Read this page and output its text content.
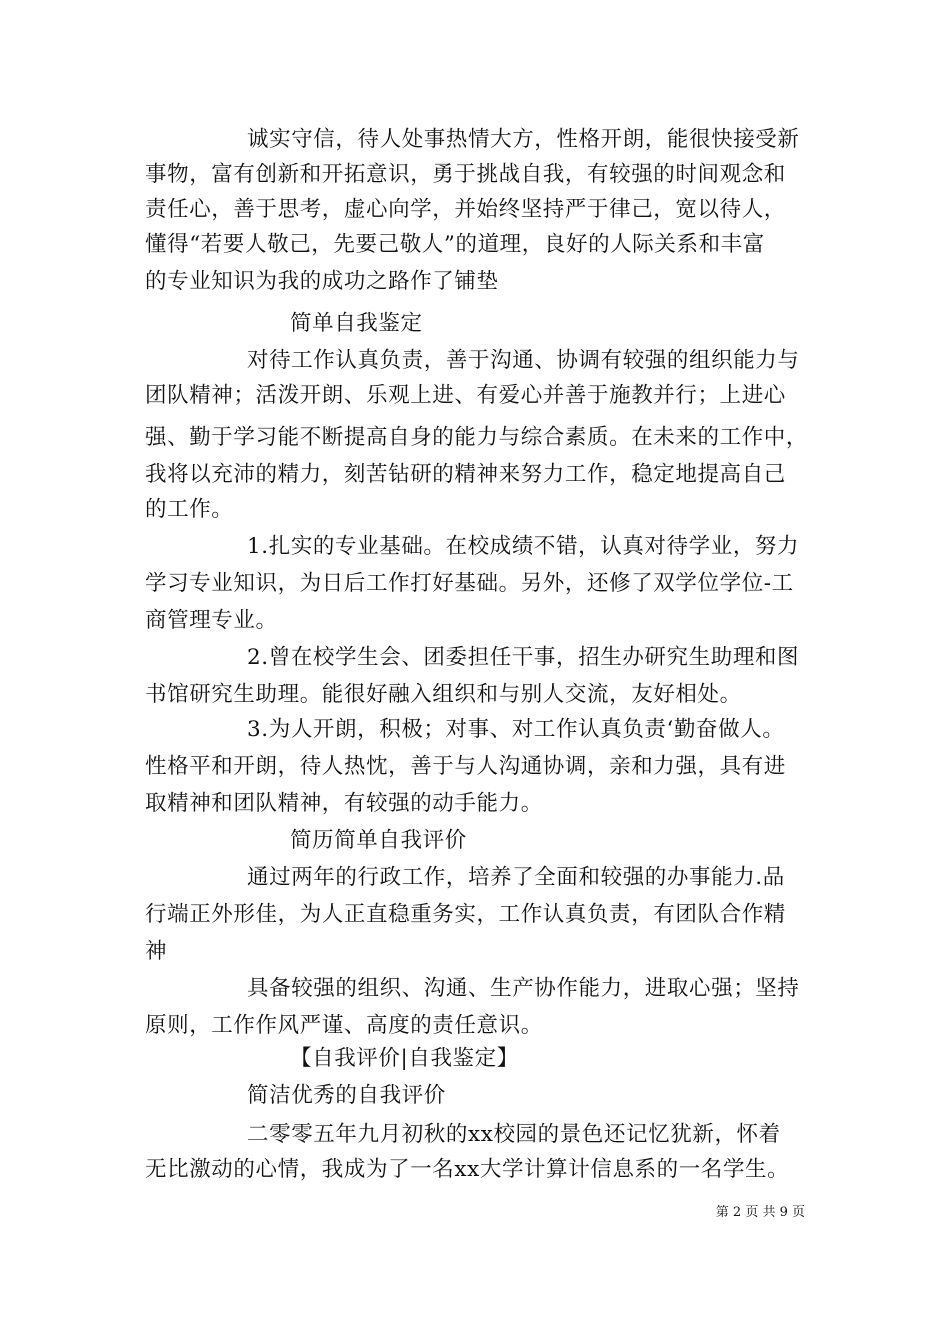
诚实守信，待人处事热情大方，性格开朗，能很快接受新
事物，富有创新和开拓意识，勇于挑战自我，有较强的时间观念和
责任心，善于思考，虚心向学，并始终坚持严于律己，宽以待人，
懂得“若要人敬己，先要己敬人”的道理，良好的人际关系和丰富
的专业知识为我的成功之路作了铺垫
简单自我鉴定
对待工作认真负责，善于沟通、协调有较强的组织能力与
团队精神；活泼开朗、乐观上进、有爱心并善于施教并行；上进心
强、勤于学习能不断提高自身的能力与综合素质。在未来的工作中，
我将以充沛的精力，刻苦钻研的精神来努力工作，稳定地提高自己
的工作。
1.扎实的专业基础。在校成绩不错，认真对待学业，努力
学习专业知识，为日后工作打好基础。另外，还修了双学位学位-工
商管理专业。
2.曾在校学生会、团委担任干事，招生办研究生助理和图
书馆研究生助理。能很好融入组织和与别人交流，友好相处。
3.为人开朗，积极；对事、对工作认真负责‘勤奋做人。
性格平和开朗，待人热忱，善于与人沟通协调，亲和力强，具有进
取精神和团队精神，有较强的动手能力。
简历简单自我评价
通过两年的行政工作，培养了全面和较强的办事能力.品
行端正外形佳，为人正直稳重务实，工作认真负责，有团队合作精
神
具备较强的组织、沟通、生产协作能力，进取心强；坚持
原则，工作作风严谨、高度的责任意识。
【自我评价|自我鉴定】
简洁优秀的自我评价
二零零五年九月初秋的xx校园的景色还记忆犹新，怀着
无比激动的心情，我成为了一名xx大学计算计信息系的一名学生。
第 2 页 共 9 页
